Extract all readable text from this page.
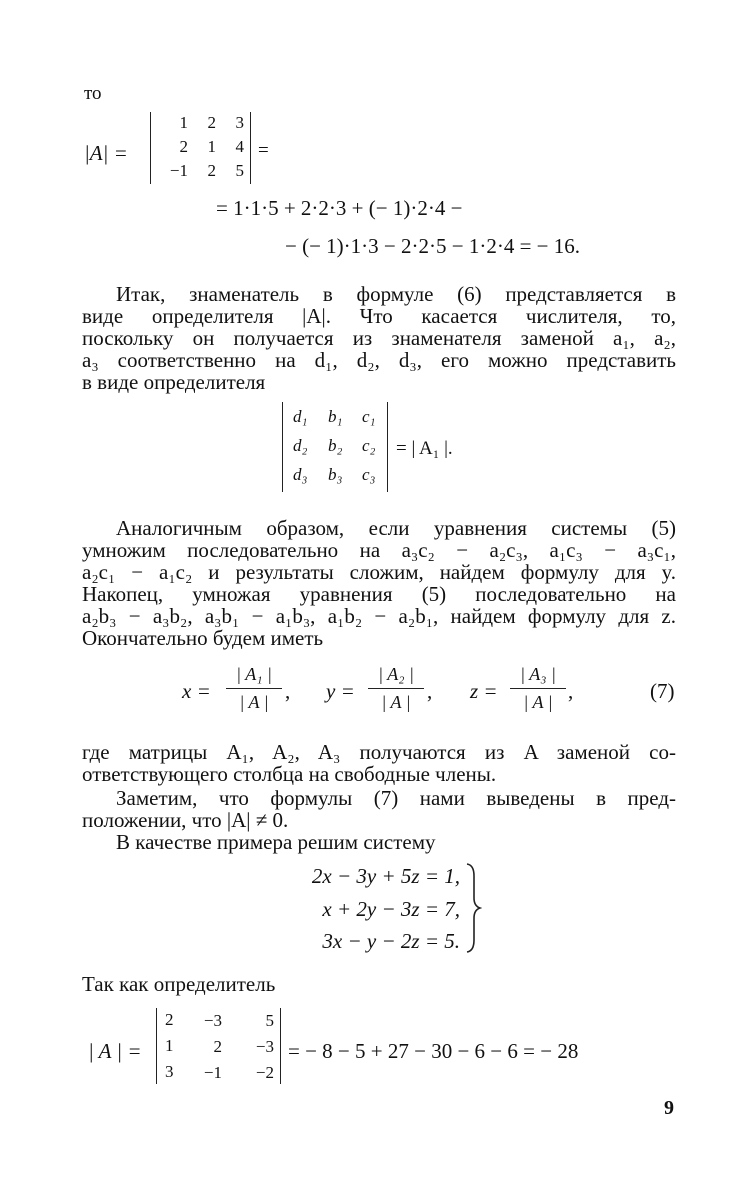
то
|A| =
1	2	3
2	1	4
−1	2	5
=
= 1·1·5 + 2·2·3 + (− 1)·2·4 −
− (− 1)·1·3 − 2·2·5 − 1·2·4 = − 16.
Итак, знаменатель в формуле (6) представляется в
виде определителя |A|. Что касается числителя, то,
поскольку он получается из знаменателя заменой a₁, a₂,
a₃ соответственно на d₁, d₂, d₃, его можно представить
в виде определителя
d₁ b₁ c₁
d₂ b₂ c₂
d₃ b₃ c₃
= | A₁ |.
Аналогичным образом, если уравнения системы (5)
умножим последовательно на a₃c₂ − a₂c₃, a₁c₃ − a₃c₁,
a₂c₁ − a₁c₂ и результаты сложим, найдем формулу для y.
Накопец, умножая уравнения (5) последовательно на
a₂b₃ − a₃b₂, a₃b₁ − a₁b₃, a₁b₂ − a₂b₁, найдем формулу для z.
Окончательно будем иметь
x =
| A₁ |
| A | , y =
| A₂ |
| A | , z =
| A₃ |
| A | ,	(7)
где матрицы A₁, A₂, A₃ получаются из A заменой со-
ответствующего столбца на свободные члены.
Заметим, что формулы (7) нами выведены в пред-
положении, что |A| ≠ 0.
В качестве примера решим систему
2x − 3y + 5z = 1,
x + 2y − 3z = 7,
3x − y − 2z = 5.
Так как определитель
| A | =
2	−3	5
1	2	−3
3	−1	−2
= − 8 − 5 + 27 − 30 − 6 − 6 = − 28
9
